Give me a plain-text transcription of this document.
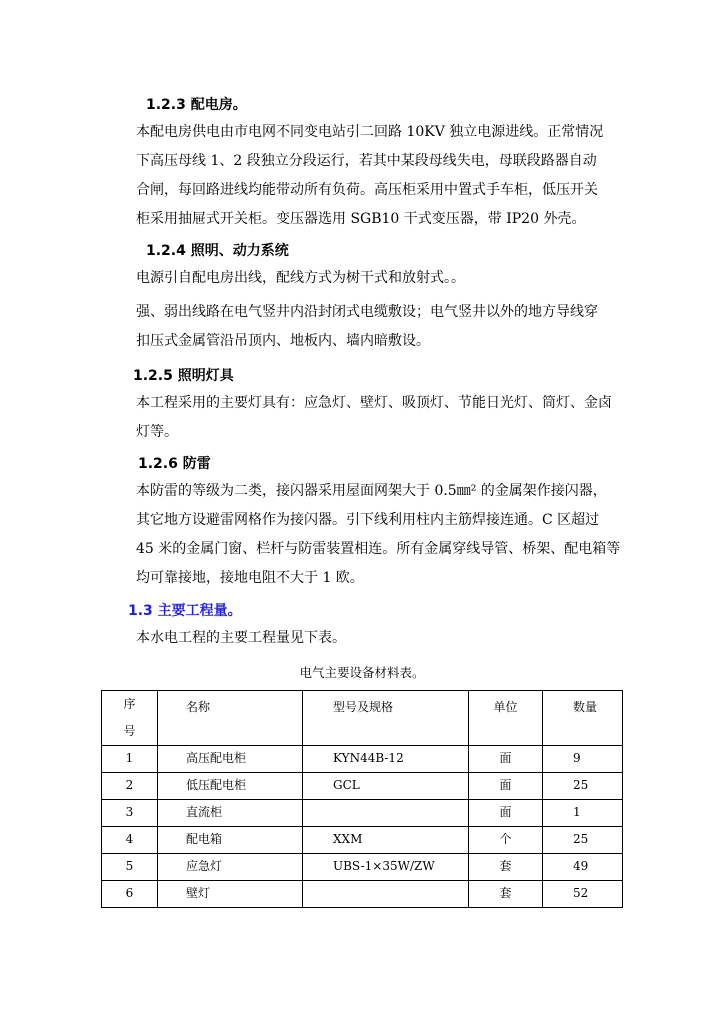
1.2.3 配电房。
本配电房供电由市电网不同变电站引二回路 10KV 独立电源进线。正常情况
下高压母线 1、2 段独立分段运行，若其中某段母线失电，母联段路器自动
合闸，每回路进线均能带动所有负荷。高压柜采用中置式手车柜，低压开关
柜采用抽屉式开关柜。变压器选用 SGB10 干式变压器，带 IP20 外壳。
1.2.4 照明、动力系统
电源引自配电房出线，配线方式为树干式和放射式。。
强、弱出线路在电气竖井内沿封闭式电缆敷设；电气竖井以外的地方导线穿
扣压式金属管沿吊顶内、地板内、墙内暗敷设。
1.2.5 照明灯具
本工程采用的主要灯具有：应急灯、壁灯、吸顶灯、节能日光灯、筒灯、金卤
灯等。
1.2.6 防雷
本防雷的等级为二类，接闪器采用屋面网架大于 0.5㎜² 的金属架作接闪器，
其它地方设避雷网格作为接闪器。引下线利用柱内主筋焊接连通。C 区超过
45 米的金属门窗、栏杆与防雷装置相连。所有金属穿线导管、桥架、配电箱等
均可靠接地，接地电阻不大于 1 欧。
1.3 主要工程量。
本水电工程的主要工程量见下表。
电气主要设备材料表。
序
号	名称	型号及规格	单位	数量
1	高压配电柜	KYN44B-12	面	9
2	低压配电柜	GCL	面	25
3	直流柜		面	1
4	配电箱	XXM	个	25
5	应急灯	UBS-1×35W/ZW	套	49
6	壁灯		套	52
